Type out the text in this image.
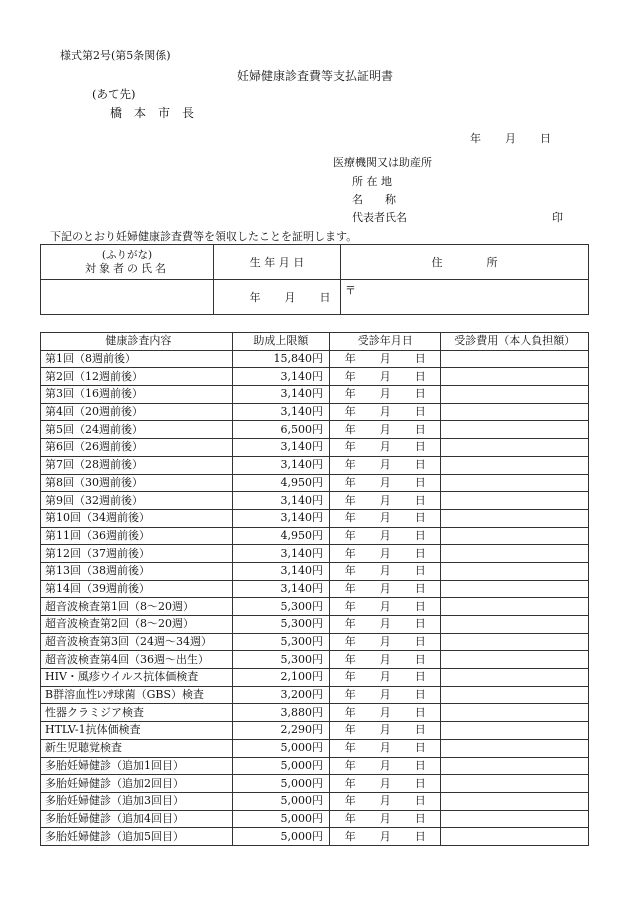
様式第2号(第5条関係)
妊婦健康診査費等支払証明書
(あて先)
橋本市長
年 月 日
医療機関又は助産所
所 在 地
名　　称
代表者氏名	印
下記のとおり妊婦健康診査費等を領収したことを証明します。
(ふりがな)
対象者の氏名	生 年 月 日	住　　　　所
	年 月 日	〒
健康診査内容	助成上限額	受診年月日	受診費用（本人負担額）
第1回（8週前後）	15,840円	年 月 日	
第2回（12週前後）	3,140円	年 月 日	
第3回（16週前後）	3,140円	年 月 日	
第4回（20週前後）	3,140円	年 月 日	
第5回（24週前後）	6,500円	年 月 日	
第6回（26週前後）	3,140円	年 月 日	
第7回（28週前後）	3,140円	年 月 日	
第8回（30週前後）	4,950円	年 月 日	
第9回（32週前後）	3,140円	年 月 日	
第10回（34週前後）	3,140円	年 月 日	
第11回（36週前後）	4,950円	年 月 日	
第12回（37週前後）	3,140円	年 月 日	
第13回（38週前後）	3,140円	年 月 日	
第14回（39週前後）	3,140円	年 月 日	
超音波検査第1回（8～20週）	5,300円	年 月 日	
超音波検査第2回（8～20週）	5,300円	年 月 日	
超音波検査第3回（24週～34週）	5,300円	年 月 日	
超音波検査第4回（36週～出生）	5,300円	年 月 日	
HIV・風疹ウイルス抗体価検査	2,100円	年 月 日	
B群溶血性ﾚﾝｻ球菌（GBS）検査	3,200円	年 月 日	
性器クラミジア検査	3,880円	年 月 日	
HTLV-1抗体価検査	2,290円	年 月 日	
新生児聴覚検査	5,000円	年 月 日	
多胎妊婦健診（追加1回目）	5,000円	年 月 日	
多胎妊婦健診（追加2回目）	5,000円	年 月 日	
多胎妊婦健診（追加3回目）	5,000円	年 月 日	
多胎妊婦健診（追加4回目）	5,000円	年 月 日	
多胎妊婦健診（追加5回目）	5,000円	年 月 日	
